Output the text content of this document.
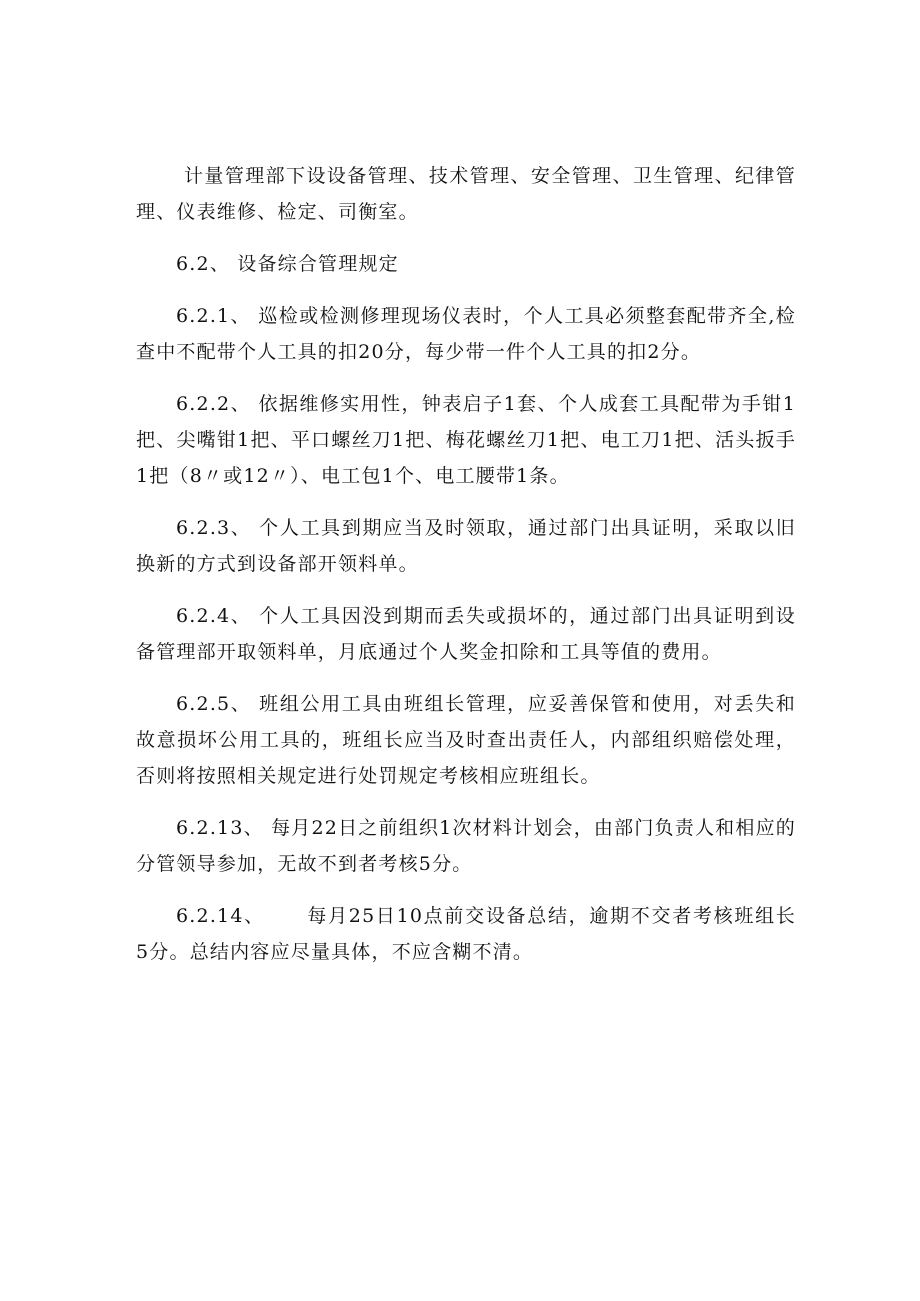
计量管理部下设设备管理、技术管理、安全管理、卫生管理、纪律管理、仪表维修、检定、司衡室。

6.2、 设备综合管理规定

6.2.1、 巡检或检测修理现场仪表时，个人工具必须整套配带齐全,检查中不配带个人工具的扣20分，每少带一件个人工具的扣2分。

6.2.2、 依据维修实用性，钟表启子1套、个人成套工具配带为手钳1把、尖嘴钳1把、平口螺丝刀1把、梅花螺丝刀1把、电工刀1把、活头扳手1把（8〃或12〃）、电工包1个、电工腰带1条。

6.2.3、 个人工具到期应当及时领取，通过部门出具证明，采取以旧换新的方式到设备部开领料单。

6.2.4、 个人工具因没到期而丢失或损坏的，通过部门出具证明到设备管理部开取领料单，月底通过个人奖金扣除和工具等值的费用。

6.2.5、 班组公用工具由班组长管理，应妥善保管和使用，对丢失和故意损坏公用工具的，班组长应当及时查出责任人，内部组织赔偿处理，否则将按照相关规定进行处罚规定考核相应班组长。

6.2.13、 每月22日之前组织1次材料计划会，由部门负责人和相应的分管领导参加，无故不到者考核5分。

6.2.14、 每月25日10点前交设备总结，逾期不交者考核班组长5分。总结内容应尽量具体，不应含糊不清。
